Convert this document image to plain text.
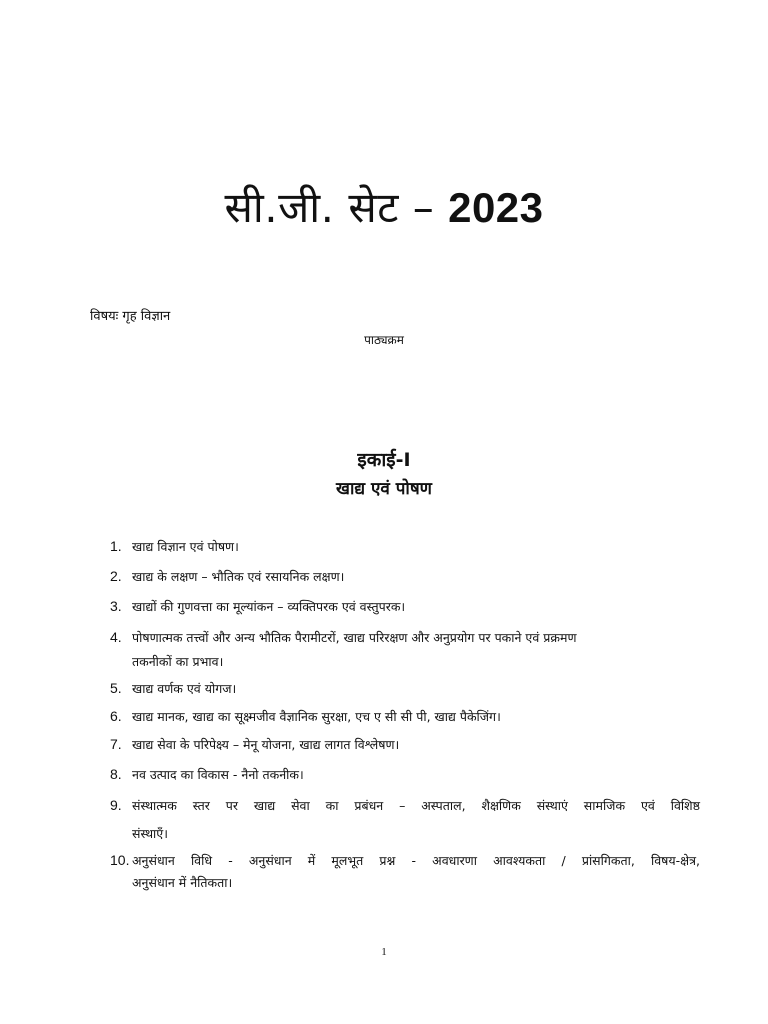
सी.जी. सेट – 2023

विषयः गृह विज्ञान

पाठ्यक्रम

इकाई-I
खाद्य एवं पोषण
1. खाद्य विज्ञान एवं पोषण।
2. खाद्य के लक्षण – भौतिक एवं रसायनिक लक्षण।
3. खाद्यों की गुणवत्ता का मूल्यांकन – व्यक्तिपरक एवं वस्तुपरक।
4. पोषणात्मक तत्त्वों और अन्य भौतिक पैरामीटरों, खाद्य परिरक्षण और अनुप्रयोग पर पकाने एवं प्रक्रमण
तकनीकों का प्रभाव।
5. खाद्य वर्णक एवं योगज।
6. खाद्य मानक, खाद्य का सूक्ष्मजीव वैज्ञानिक सुरक्षा, एच ए सी सी पी, खाद्य पैकेजिंग।
7. खाद्य सेवा के परिपेक्ष्य – मेनू योजना, खाद्य लागत विश्लेषण।
8. नव उत्पाद का विकास - नैनो तकनीक।
9. संस्थात्मक स्तर पर खाद्य सेवा का प्रबंधन – अस्पताल, शैक्षणिक संस्थाएं सामजिक एवं विशिष्ठ
संस्थाएँ।
10. अनुसंधान विधि - अनुसंधान में मूलभूत प्रश्न - अवधारणा आवश्यकता / प्रांसगिकता, विषय-क्षेत्र,
अनुसंधान में नैतिकता।

1
